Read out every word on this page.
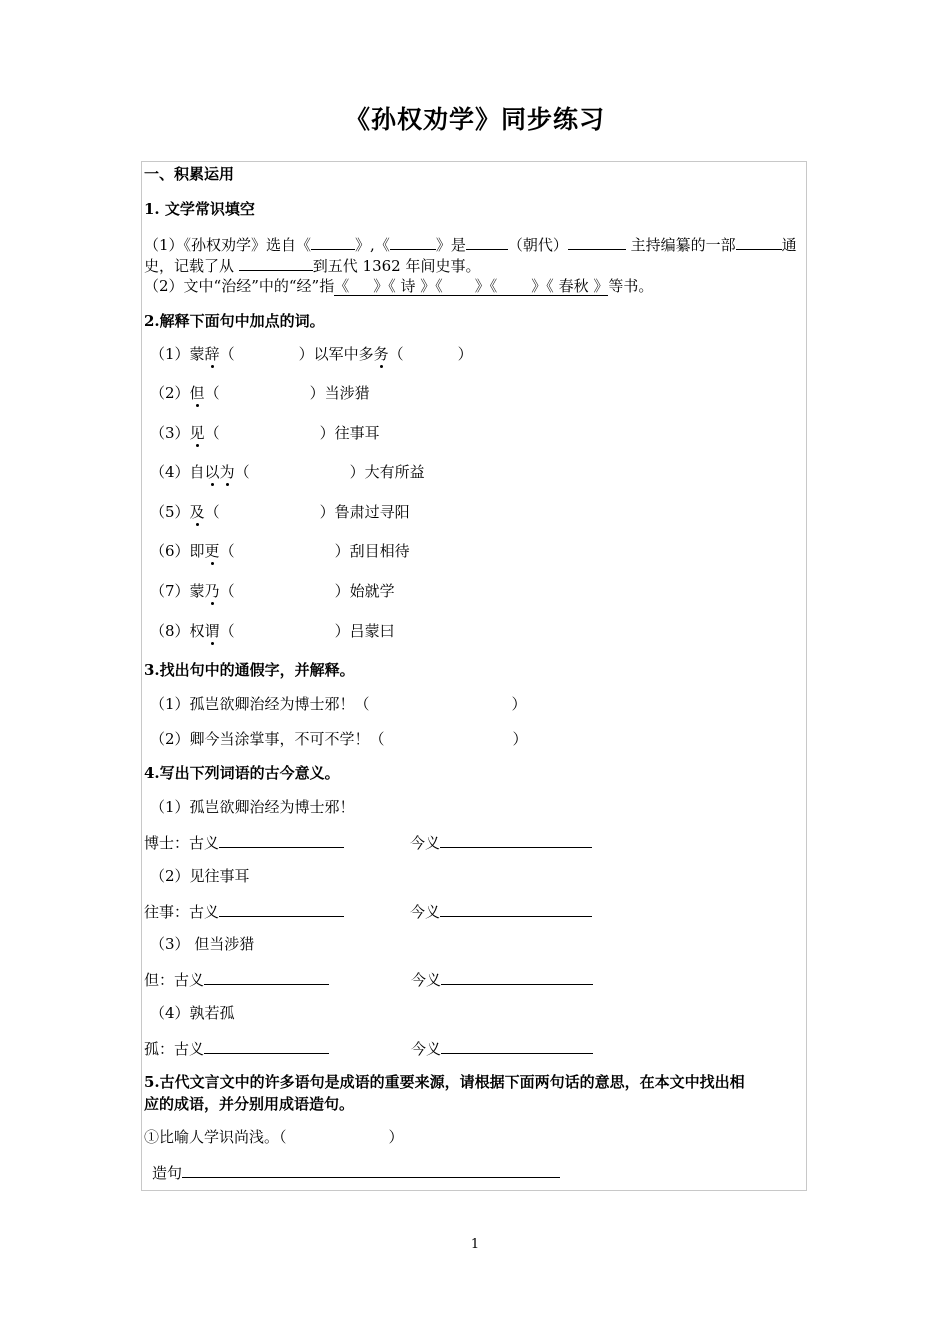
《孙权劝学》同步练习
一、积累运用
1. 文学常识填空
（1）《孙权劝学》选自《	》,《	》是	（朝代）	主持编纂的一部	通
史，记载了从	到五代 1362 年间史事。
（2）文中“治经”中的“经”指《 》《 诗 》《 》《 》《 春秋 》等书。
2.解释下面句中加点的词。
（1）蒙辞（	）以军中多务（	）
（2）但（	）当涉猎
（3）见（	）往事耳
（4）自以为（	）大有所益
（5）及（	）鲁肃过寻阳
（6）即更（	）刮目相待
（7）蒙乃（	）始就学
（8）权谓（	）吕蒙曰
3.找出句中的通假字，并解释。
（1）孤岂欲卿治经为博士邪！（	）
（2）卿今当涂掌事，不可不学！（	）
4.写出下列词语的古今意义。
（1）孤岂欲卿治经为博士邪！
博士：古义	今义
（2）见往事耳
往事：古义	今义
（3） 但当涉猎
但：古义	今义
（4）孰若孤
孤：古义	今义
5.古代文言文中的许多语句是成语的重要来源，请根据下面两句话的意思，在本文中找出相
应的成语，并分别用成语造句。
①比喻人学识尚浅。（	）
造句
1
